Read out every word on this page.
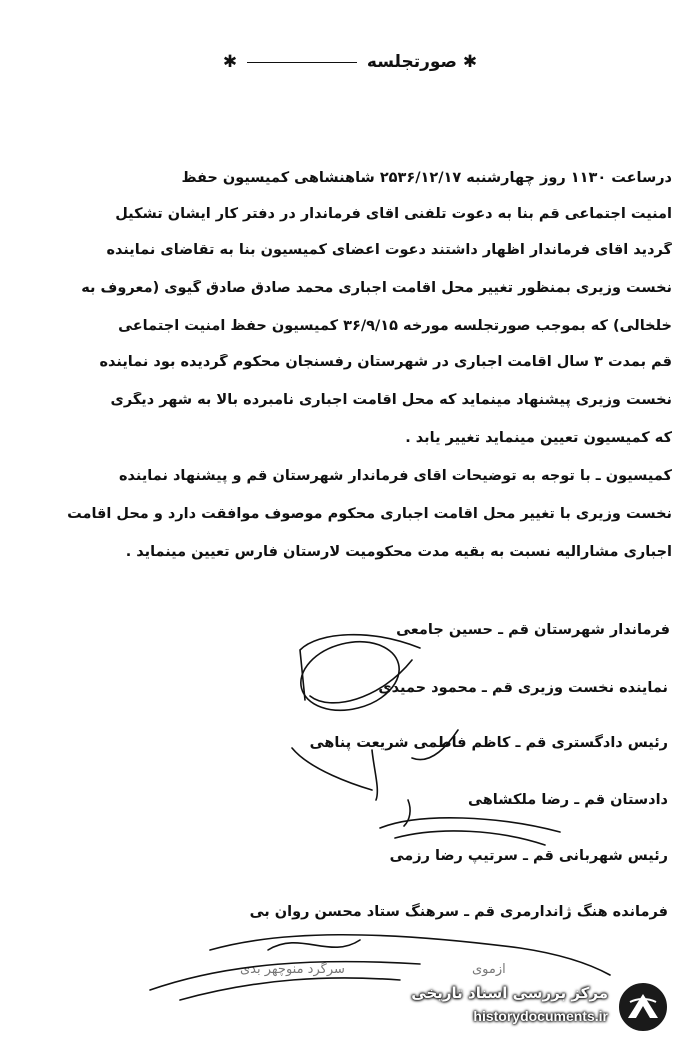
✱	صورتجلسه ✱
درساعت ۱۱۳۰ روز چهارشنبه ۲۵۳۶/۱۲/۱۷ شاهنشاهی کمیسیون حفظ
امنیت اجتماعی قم بنا به دعوت تلفنی آقای فرماندار در دفتر کار ایشان تشکیل
گردید آقای فرماندار اظهار داشتند دعوت اعضای کمیسیون بنا به تقاضای نماینده
نخست وزیری بمنظور تغییر محل اقامت اجباری محمد صادق صادق گیوی (معروف به
خلخالی) که بموجب صورتجلسه مورخه ۳۶/۹/۱۵ کمیسیون حفظ امنیت اجتماعی
قم بمدت ۳ سال اقامت اجباری در شهرستان رفسنجان محکوم گردیده بود نماینده
نخست وزیری پیشنهاد مینماید که محل اقامت اجباری نامبرده بالا به شهر دیگری
که کمیسیون تعیین مینماید تغییر یابد .
کمیسیون ـ با توجه به توضیحات آقای فرماندار شهرستان قم و پیشنهاد نماینده
نخست وزیری با تغییر محل اقامت اجباری محکوم موصوف موافقت دارد و محل اقامت
اجباری مشارالیه نسبت به بقیه مدت محکومیت لارستان فارس تعیین مینماید .
فرماندار شهرستان قم ـ حسین جامعی
نماینده نخست وزیری قم ـ محمود حمیدی
رئیس دادگستری قم ـ کاظم فاطمی شریعت پناهی
دادستان قم ـ رضا ملکشاهی
رئیس شهربانی قم ـ سرتیپ رضا رزمی
فرمانده هنگ ژاندارمری قم ـ سرهنگ ستاد محسن روان بی
ازموی
سرگرد منوچهر بدی
مرکز بررسی اسناد تاریخی
historydocuments.ir
